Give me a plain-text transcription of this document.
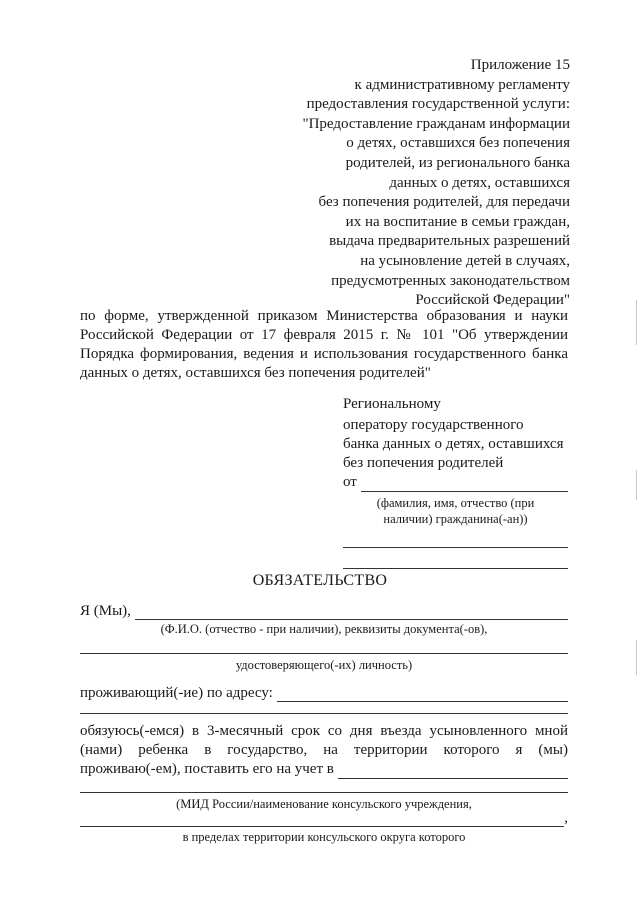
Приложение 15
к административному регламенту
предоставления государственной услуги:
"Предоставление гражданам информации
о детях, оставшихся без попечения
родителей, из регионального банка
данных о детях, оставшихся
без попечения родителей, для передачи
их на воспитание в семьи граждан,
выдача предварительных разрешений
на усыновление детей в случаях,
предусмотренных законодательством
Российской Федерации"
по форме, утвержденной приказом Министерства образования и науки
Российской Федерации от 17 февраля 2015 г. № 101 "Об утверждении
Порядка формирования, ведения и использования государственного банка
данных о детях, оставшихся без попечения родителей"
Региональному
оператору государственного
банка данных о детях, оставшихся
без попечения родителей
от
(фамилия, имя, отчество (при
наличии) гражданина(-ан))
ОБЯЗАТЕЛЬСТВО
Я (Мы),
(Ф.И.О. (отчество - при наличии), реквизиты документа(-ов),
удостоверяющего(-их) личность)
проживающий(-ие) по адресу:
обязуюсь(-емся) в 3-месячный срок со дня въезда усыновленного мной
(нами) ребенка в государство, на территории которого я (мы)
проживаю(-ем), поставить его на учет в
(МИД России/наименование консульского учреждения,
,
в пределах территории консульского округа которого
